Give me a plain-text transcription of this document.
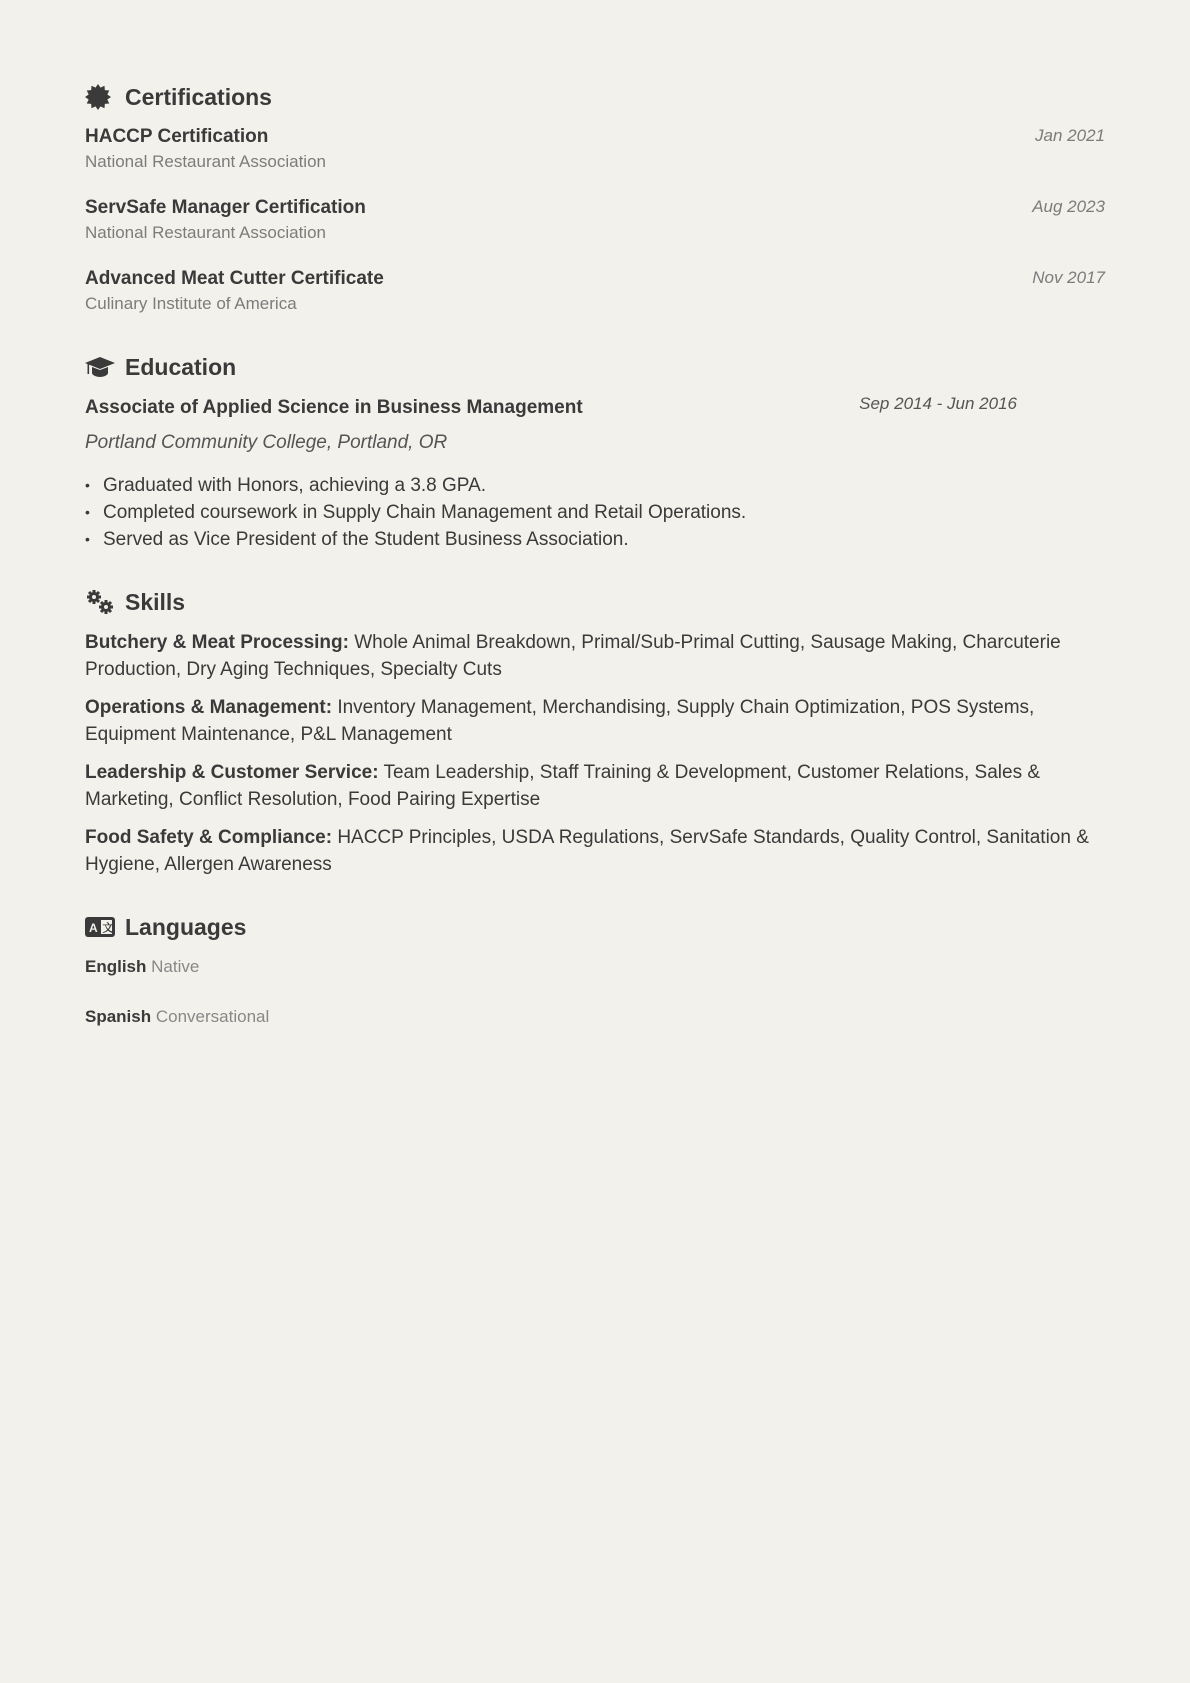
Certifications
HACCP Certification
National Restaurant Association
Jan 2021
ServSafe Manager Certification
National Restaurant Association
Aug 2023
Advanced Meat Cutter Certificate
Culinary Institute of America
Nov 2017
Education
Associate of Applied Science in Business Management	Sep 2014 - Jun 2016
Portland Community College, Portland, OR
• Graduated with Honors, achieving a 3.8 GPA.
• Completed coursework in Supply Chain Management and Retail Operations.
• Served as Vice President of the Student Business Association.
Skills
Butchery & Meat Processing: Whole Animal Breakdown, Primal/Sub-Primal Cutting, Sausage Making, Charcuterie Production, Dry Aging Techniques, Specialty Cuts
Operations & Management: Inventory Management, Merchandising, Supply Chain Optimization, POS Systems, Equipment Maintenance, P&L Management
Leadership & Customer Service: Team Leadership, Staff Training & Development, Customer Relations, Sales & Marketing, Conflict Resolution, Food Pairing Expertise
Food Safety & Compliance: HACCP Principles, USDA Regulations, ServSafe Standards, Quality Control, Sanitation & Hygiene, Allergen Awareness
A 文 Languages
English Native
Spanish Conversational
